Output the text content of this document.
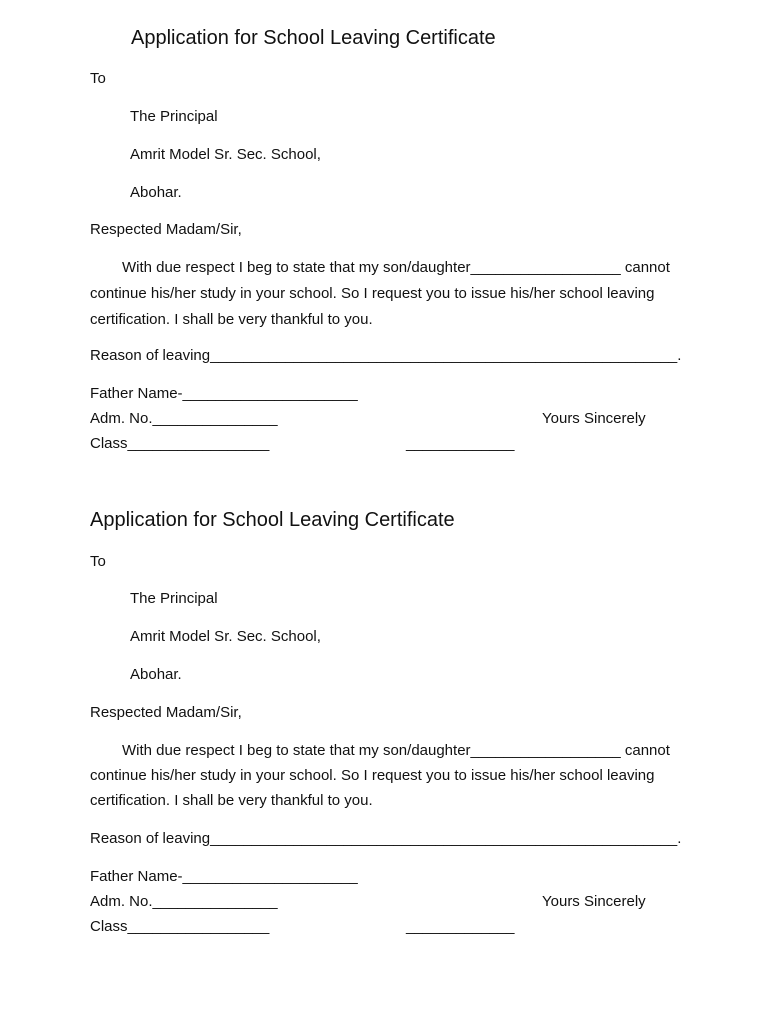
Application for School Leaving Certificate
To
The Principal
Amrit Model Sr. Sec. School,
Abohar.
Respected Madam/Sir,
With due respect I beg to state that my son/daughter__________________ cannot
continue his/her study in your school. So I request you to issue his/her school leaving
certification. I shall be very thankful to you.
Reason of leaving________________________________________________________.
Father Name-_____________________
Adm. No._______________	Yours Sincerely
Class_________________	_____________
Application for School Leaving Certificate
To
The Principal
Amrit Model Sr. Sec. School,
Abohar.
Respected Madam/Sir,
With due respect I beg to state that my son/daughter__________________ cannot
continue his/her study in your school. So I request you to issue his/her school leaving
certification. I shall be very thankful to you.
Reason of leaving________________________________________________________.
Father Name-_____________________
Adm. No._______________	Yours Sincerely
Class_________________	_____________
